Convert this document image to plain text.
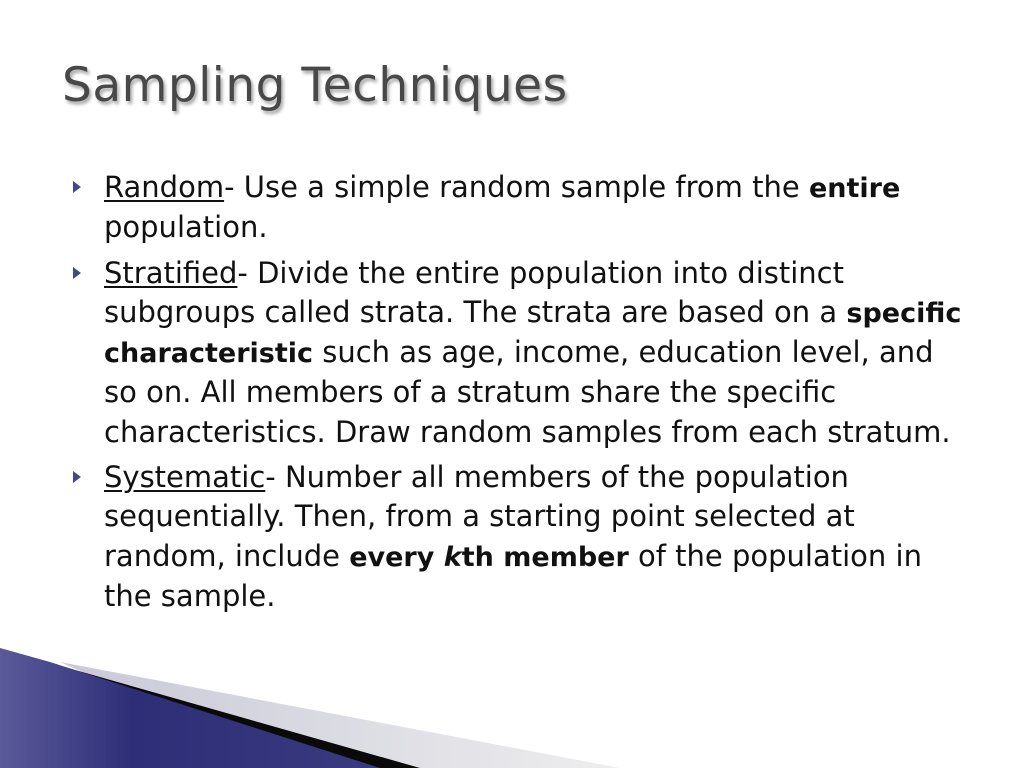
Sampling Techniques
Random- Use a simple random sample from the entire population.
Stratified- Divide the entire population into distinct subgroups called strata. The strata are based on a specific characteristic such as age, income, education level, and so on. All members of a stratum share the specific characteristics. Draw random samples from each stratum.
Systematic- Number all members of the population sequentially. Then, from a starting point selected at random, include every kth member of the population in the sample.
